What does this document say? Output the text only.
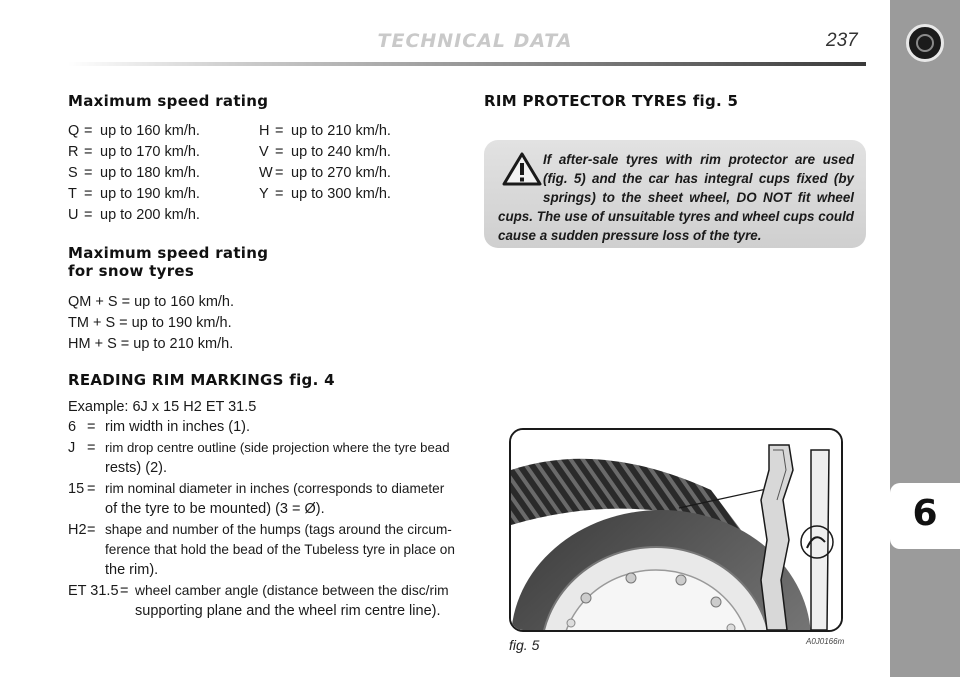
TECHNICAL DATA	237
6
Maximum speed rating
Q = up to 160 km/h.
R = up to 170 km/h.
S = up to 180 km/h.
T = up to 190 km/h.
U = up to 200 km/h.
H = up to 210 km/h.
V = up to 240 km/h.
W = up to 270 km/h.
Y = up to 300 km/h.
Maximum speed rating
for snow tyres
QM + S = up to 160 km/h.
TM + S = up to 190 km/h.
HM + S = up to 210 km/h.
READING RIM MARKINGS fig. 4
Example: 6J x 15 H2 ET 31.5
6 = rim width in inches (1).
J = rim drop centre outline (side projection where the tyre bead
rests) (2).
15 = rim nominal diameter in inches (corresponds to diameter
of the tyre to be mounted) (3 = Ø).
H2 = shape and number of the humps (tags around the circum-
ference that hold the bead of the Tubeless tyre in place on
the rim).
ET 31.5 = wheel camber angle (distance between the disc/rim
supporting plane and the wheel rim centre line).
RIM PROTECTOR TYRES fig. 5
If after-sale tyres with rim protector are used (fig. 5) and the car has integral cups fixed (by springs) to the sheet wheel, DO NOT fit wheel cups. The use of unsuitable tyres and wheel cups could cause a sudden pressure loss of the tyre.
fig. 5	A0J0166m
